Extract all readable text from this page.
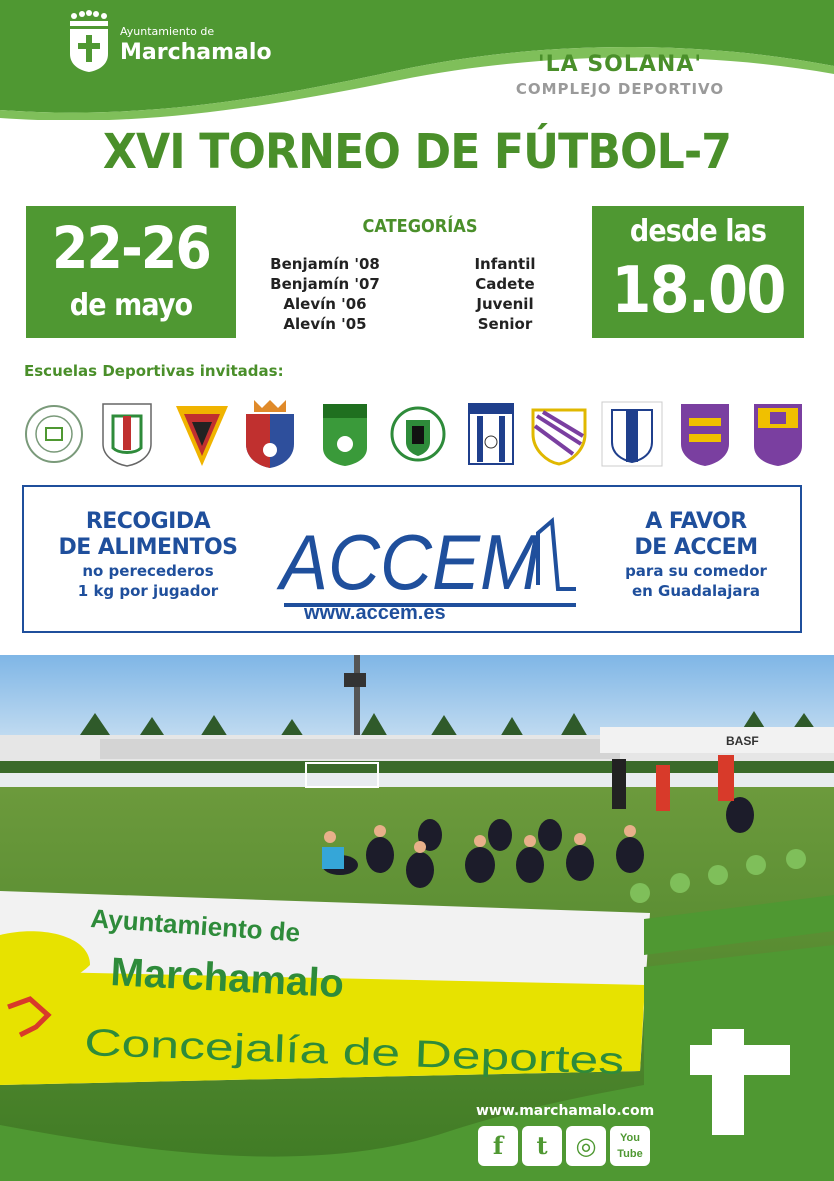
Ayuntamiento de
Marchamalo	'LA SOLANA'
COMPLEJO DEPORTIVO
XVI TORNEO DE FÚTBOL-7
22-26
de mayo
CATEGORÍAS
Benjamín '08
Benjamín '07
Alevín '06
Alevín '05
Infantil
Cadete
Juvenil
Senior
desde las
18.00
Escuelas Deportivas invitadas:
RECOGIDA
DE ALIMENTOS
no perecederos
1 kg por jugador ACCEM
www.accem.es
A FAVOR
DE ACCEM
para su comedor
en Guadalajara
BASF
Ayuntamiento de
Marchamalo
Concejalía de Deportes
www.marchamalo.com
f	t	◎	You Tube
